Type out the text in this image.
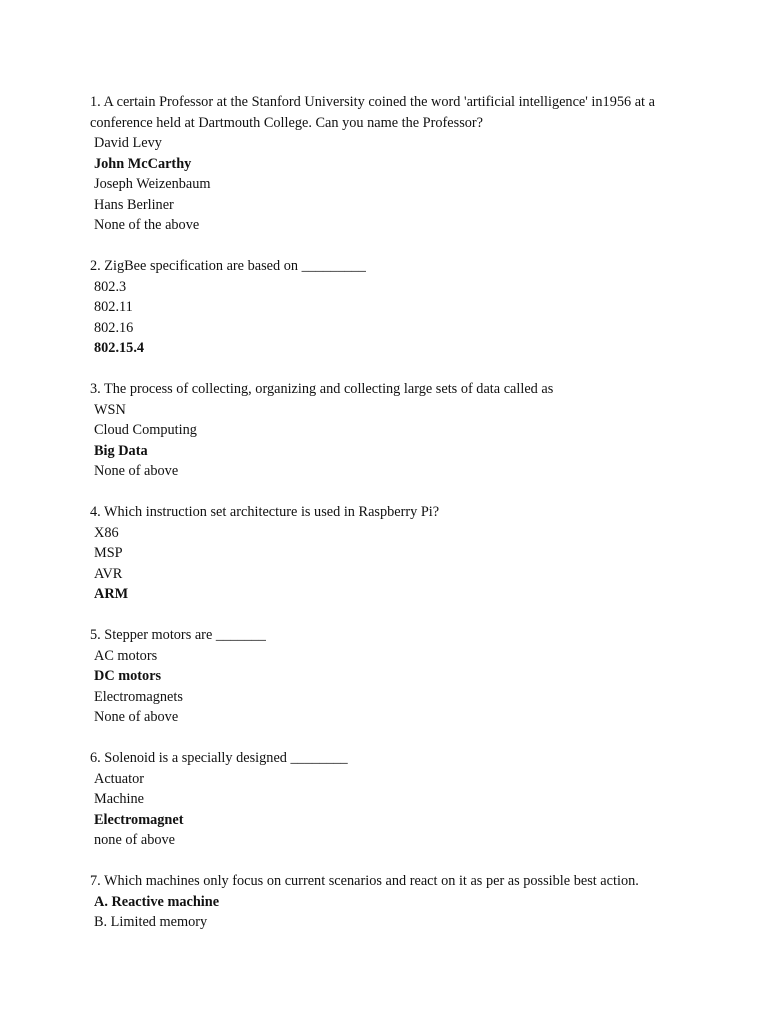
1. A certain Professor at the Stanford University coined the word 'artificial intelligence' in1956 at a conference held at Dartmouth College. Can you name the Professor?

David Levy
John McCarthy
Joseph Weizenbaum
Hans Berliner
None of the above

2. ZigBee specification are based on _________

802.3
802.11
802.16
802.15.4

3. The process of collecting, organizing and collecting large sets of data called as

WSN
Cloud Computing
Big Data
None of above

4. Which instruction set architecture is used in Raspberry Pi?

X86
MSP
AVR
ARM

5. Stepper motors are _______

AC motors
DC motors
Electromagnets
None of above

6. Solenoid is a specially designed ________

Actuator
Machine
Electromagnet
none of above

7. Which machines only focus on current scenarios and react on it as per as possible best action.

A. Reactive machine
B. Limited memory
